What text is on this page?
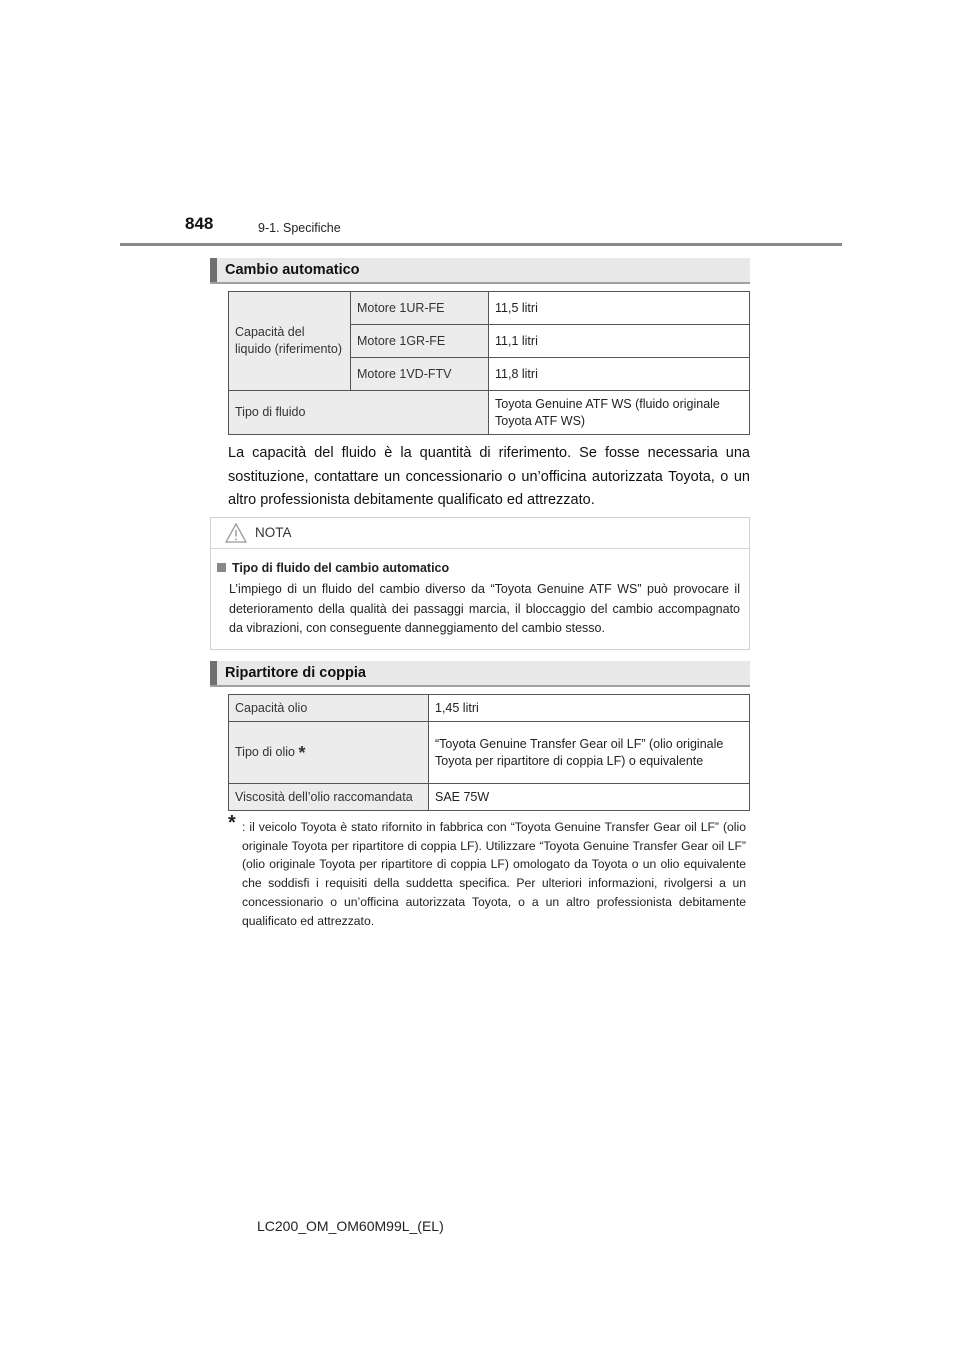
848	9-1. Specifiche
Cambio automatico
Capacità del liquido (riferimento)	Motore 1UR-FE	11,5 litri
	Motore 1GR-FE	11,1 litri
	Motore 1VD-FTV	11,8 litri
Tipo di fluido		Toyota Genuine ATF WS (fluido originale Toyota ATF WS)
La capacità del fluido è la quantità di riferimento. Se fosse necessaria una sostituzione, contattare un concessionario o un’officina autorizzata Toyota, o un altro professionista debitamente qualificato ed attrezzato.
NOTA
Tipo di fluido del cambio automatico
L’impiego di un fluido del cambio diverso da “Toyota Genuine ATF WS” può provocare il deterioramento della qualità dei passaggi marcia, il bloccaggio del cambio accompagnato da vibrazioni, con conseguente danneggiamento del cambio stesso.
Ripartitore di coppia
Capacità olio	1,45 litri
Tipo di olio *	“Toyota Genuine Transfer Gear oil LF” (olio originale Toyota per ripartitore di coppia LF) o equivalente
Viscosità dell’olio raccomandata	SAE 75W
* : il veicolo Toyota è stato rifornito in fabbrica con “Toyota Genuine Transfer Gear oil LF” (olio originale Toyota per ripartitore di coppia LF). Utilizzare “Toyota Genuine Transfer Gear oil LF” (olio originale Toyota per ripartitore di coppia LF) omologato da Toyota o un olio equivalente che soddisfi i requisiti della suddetta specifica. Per ulteriori informazioni, rivolgersi a un concessionario o un’officina autorizzata Toyota, o a un altro professionista debitamente qualificato ed attrezzato.
LC200_OM_OM60M99L_(EL)
